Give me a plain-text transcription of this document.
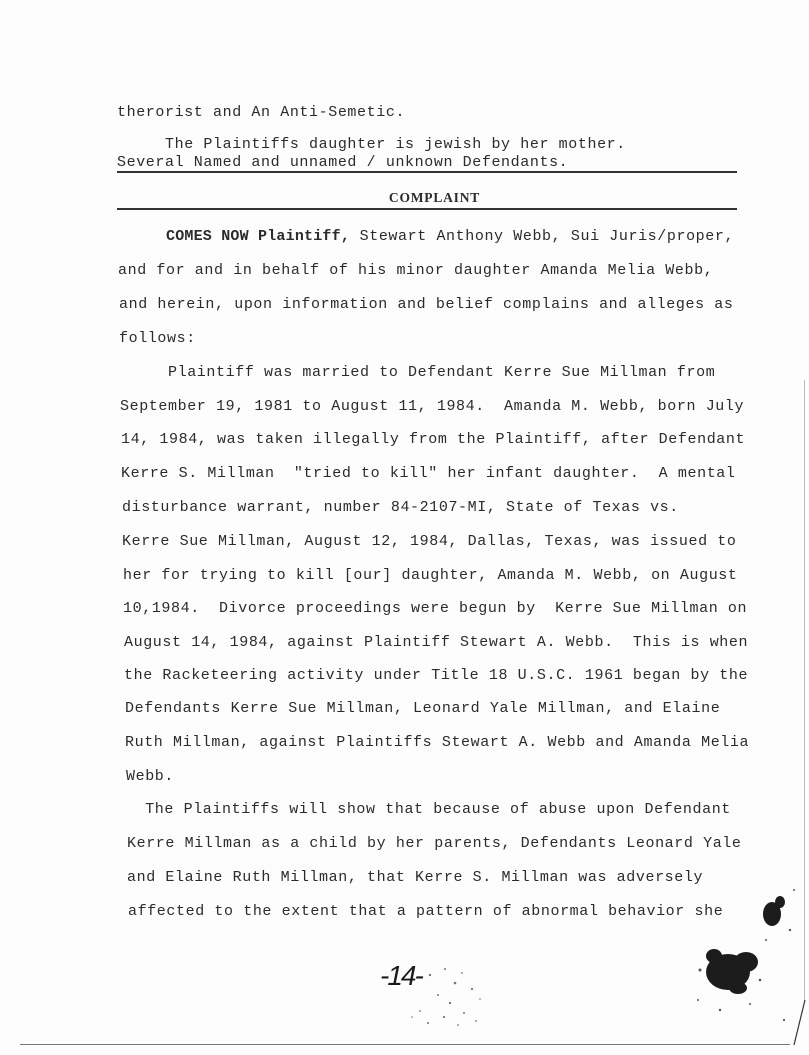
therorist and An Anti-Semetic.
The Plaintiffs daughter is jewish by her mother.
Several Named and unnamed / unknown Defendants.
COMPLAINT
COMES NOW Plaintiff, Stewart Anthony Webb, Sui Juris/proper,
and for and in behalf of his minor daughter Amanda Melia Webb,
and herein, upon information and belief complains and alleges as
follows:
Plaintiff was married to Defendant Kerre Sue Millman from
September 19, 1981 to August 11, 1984.  Amanda M. Webb, born July
14, 1984, was taken illegally from the Plaintiff, after Defendant
Kerre S. Millman  "tried to kill" her infant daughter.  A mental
disturbance warrant, number 84-2107-MI, State of Texas vs.
Kerre Sue Millman, August 12, 1984, Dallas, Texas, was issued to
her for trying to kill [our] daughter, Amanda M. Webb, on August
10,1984.  Divorce proceedings were begun by  Kerre Sue Millman on
August 14, 1984, against Plaintiff Stewart A. Webb.  This is when
the Racketeering activity under Title 18 U.S.C. 1961 began by the
Defendants Kerre Sue Millman, Leonard Yale Millman, and Elaine
Ruth Millman, against Plaintiffs Stewart A. Webb and Amanda Melia
Webb.
The Plaintiffs will show that because of abuse upon Defendant
Kerre Millman as a child by her parents, Defendants Leonard Yale
and Elaine Ruth Millman, that Kerre S. Millman was adversely
affected to the extent that a pattern of abnormal behavior she
-14-
